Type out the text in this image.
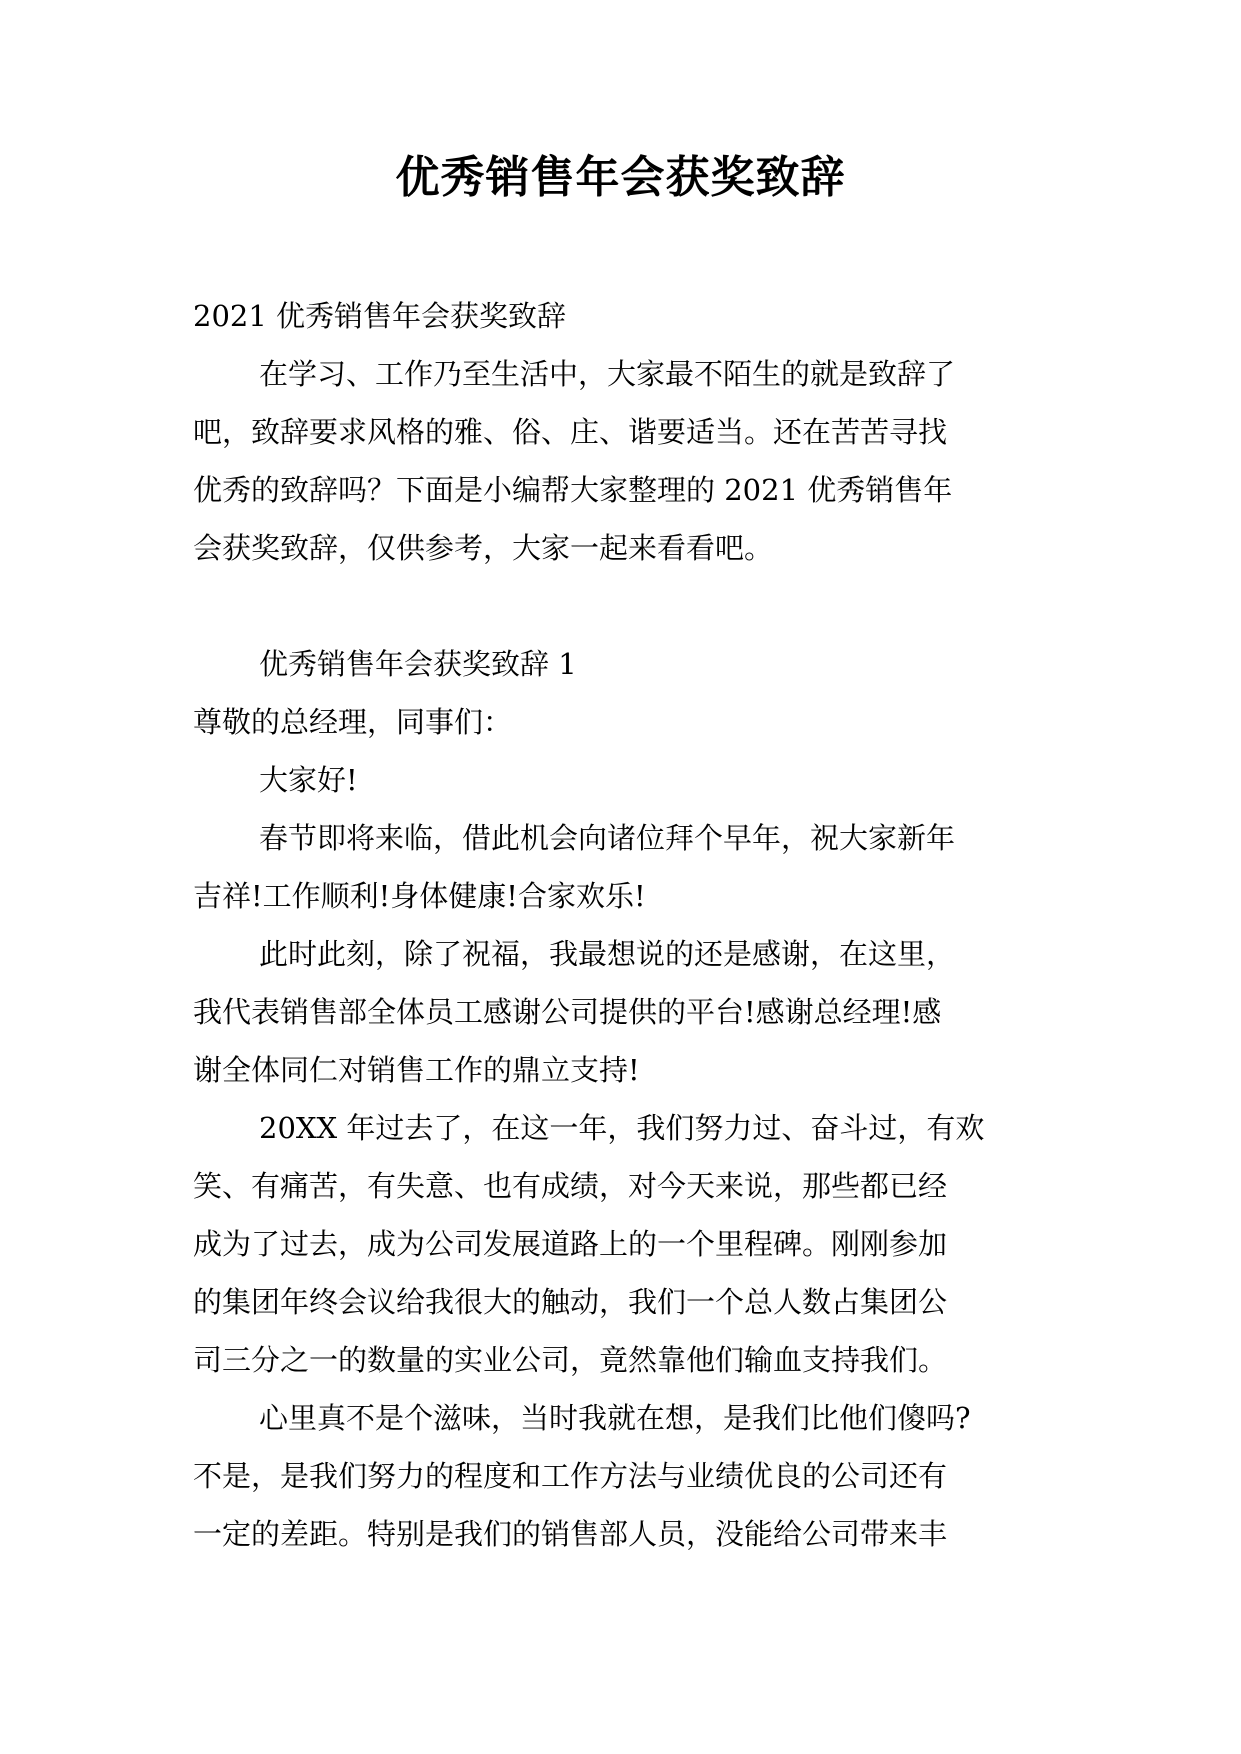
优秀销售年会获奖致辞

2021 优秀销售年会获奖致辞

在学习、工作乃至生活中，大家最不陌生的就是致辞了

吧，致辞要求风格的雅、俗、庄、谐要适当。还在苦苦寻找

优秀的致辞吗？下面是小编帮大家整理的 2021 优秀销售年

会获奖致辞，仅供参考，大家一起来看看吧。

优秀销售年会获奖致辞 1

尊敬的总经理，同事们：

大家好!

春节即将来临，借此机会向诸位拜个早年，祝大家新年

吉祥!工作顺利!身体健康!合家欢乐!

此时此刻，除了祝福，我最想说的还是感谢，在这里，

我代表销售部全体员工感谢公司提供的平台!感谢总经理!感

谢全体同仁对销售工作的鼎立支持!

20XX 年过去了，在这一年，我们努力过、奋斗过，有欢

笑、有痛苦，有失意、也有成绩，对今天来说，那些都已经

成为了过去，成为公司发展道路上的一个里程碑。刚刚参加

的集团年终会议给我很大的触动，我们一个总人数占集团公

司三分之一的数量的实业公司，竟然靠他们输血支持我们。

心里真不是个滋味，当时我就在想，是我们比他们傻吗?

不是，是我们努力的程度和工作方法与业绩优良的公司还有

一定的差距。特别是我们的销售部人员，没能给公司带来丰
